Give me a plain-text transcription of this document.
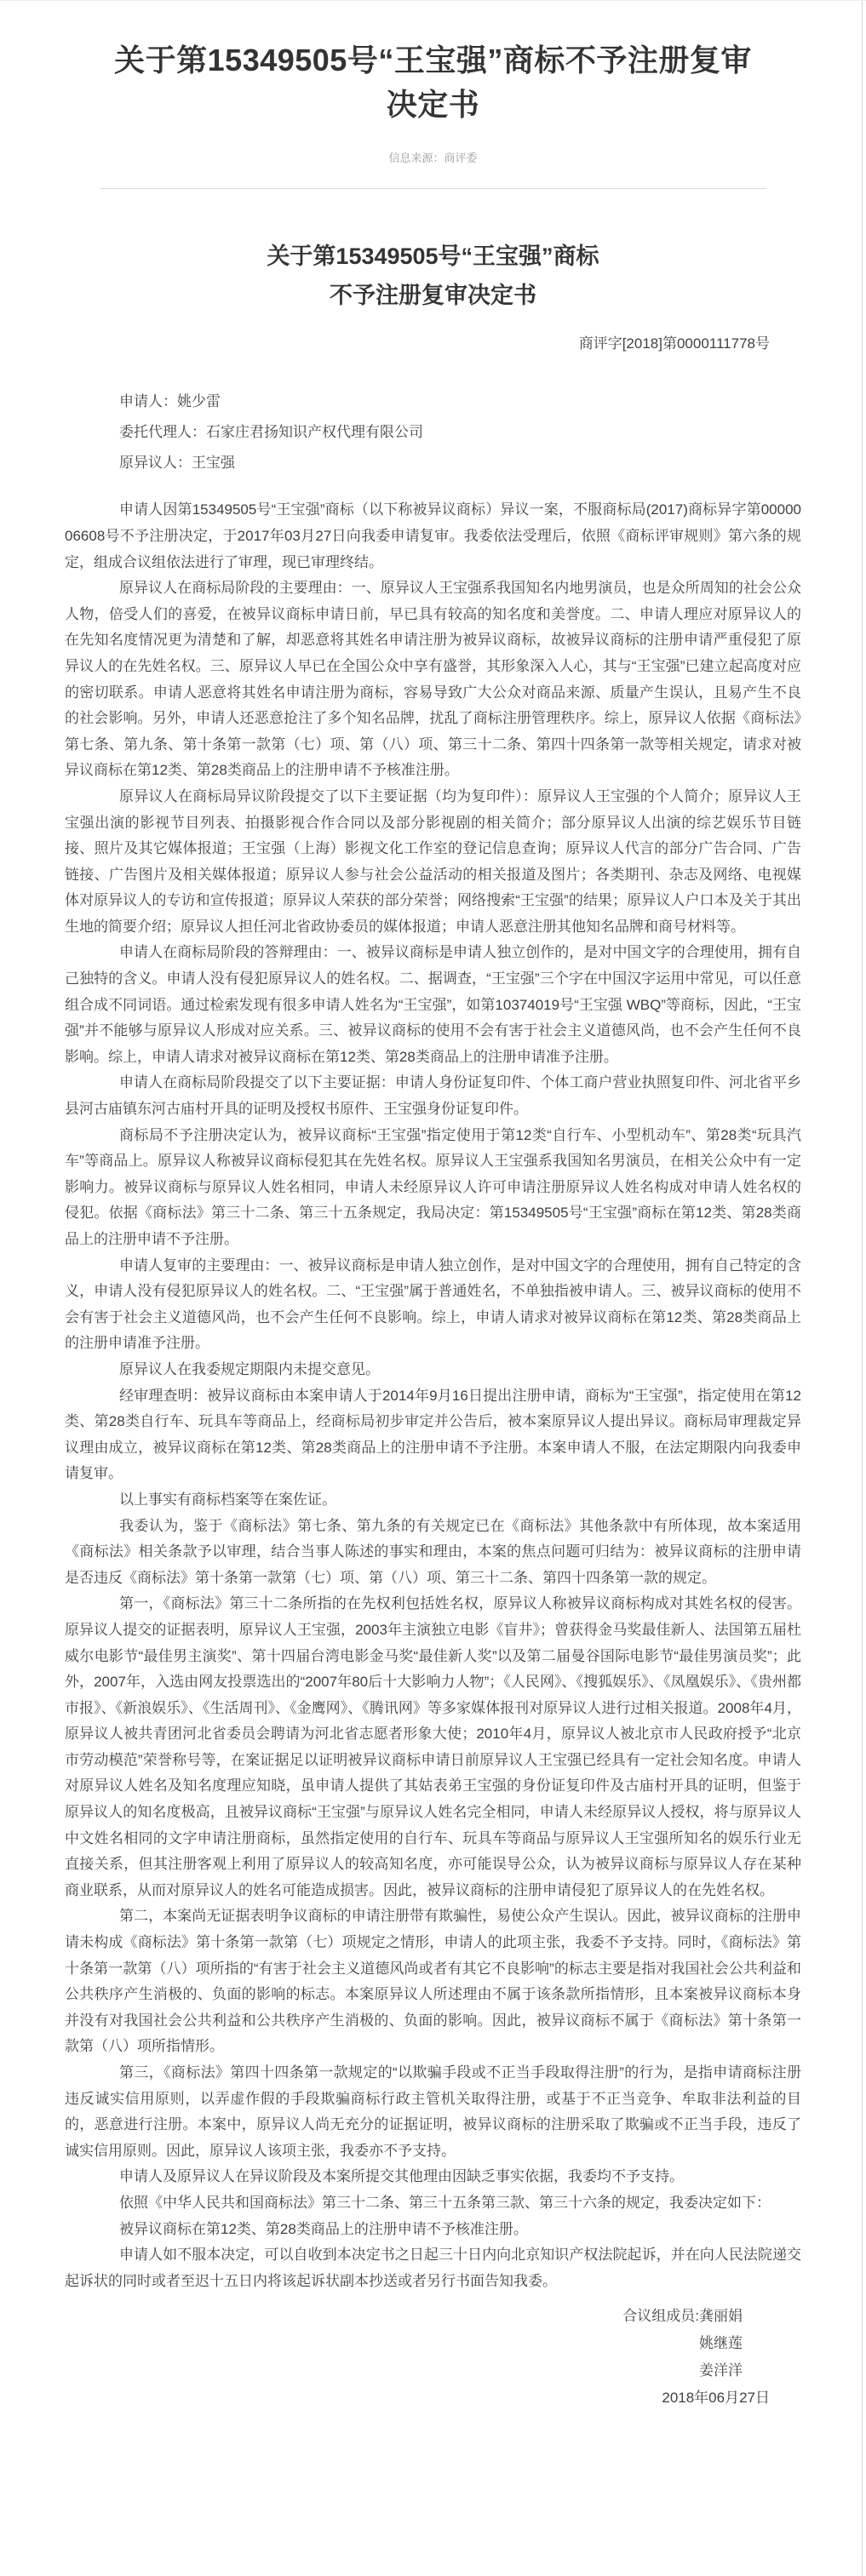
关于第15349505号“王宝强”商标不予注册复审决定书
信息来源：商评委
关于第15349505号“王宝强”商标
不予注册复审决定书
商评字[2018]第0000111778号
申请人：姚少雷
委托代理人：石家庄君扬知识产权代理有限公司
原异议人：王宝强

申请人因第15349505号“王宝强”商标（以下称被异议商标）异议一案，不服商标局(2017)商标异字第0000006608号不予注册决定，于2017年03月27日向我委申请复审。我委依法受理后，依照《商标评审规则》第六条的规定，组成合议组依法进行了审理，现已审理终结。

原异议人在商标局阶段的主要理由：一、原异议人王宝强系我国知名内地男演员，也是众所周知的社会公众人物，倍受人们的喜爱，在被异议商标申请日前，早已具有较高的知名度和美誉度。二、申请人理应对原异议人的在先知名度情况更为清楚和了解，却恶意将其姓名申请注册为被异议商标，故被异议商标的注册申请严重侵犯了原异议人的在先姓名权。三、原异议人早已在全国公众中享有盛誉，其形象深入人心，其与“王宝强”已建立起高度对应的密切联系。申请人恶意将其姓名申请注册为商标，容易导致广大公众对商品来源、质量产生误认，且易产生不良的社会影响。另外，申请人还恶意抢注了多个知名品牌，扰乱了商标注册管理秩序。综上，原异议人依据《商标法》第七条、第九条、第十条第一款第（七）项、第（八）项、第三十二条、第四十四条第一款等相关规定，请求对被异议商标在第12类、第28类商品上的注册申请不予核准注册。

原异议人在商标局异议阶段提交了以下主要证据（均为复印件）：原异议人王宝强的个人简介；原异议人王宝强出演的影视节目列表、拍摄影视合作合同以及部分影视剧的相关简介；部分原异议人出演的综艺娱乐节目链接、照片及其它媒体报道；王宝强（上海）影视文化工作室的登记信息查询；原异议人代言的部分广告合同、广告链接、广告图片及相关媒体报道；原异议人参与社会公益活动的相关报道及图片；各类期刊、杂志及网络、电视媒体对原异议人的专访和宣传报道；原异议人荣获的部分荣誉；网络搜索“王宝强”的结果；原异议人户口本及关于其出生地的简要介绍；原异议人担任河北省政协委员的媒体报道；申请人恶意注册其他知名品牌和商号材料等。

申请人在商标局阶段的答辩理由：一、被异议商标是申请人独立创作的，是对中国文字的合理使用，拥有自己独特的含义。申请人没有侵犯原异议人的姓名权。二、据调查，“王宝强”三个字在中国汉字运用中常见，可以任意组合成不同词语。通过检索发现有很多申请人姓名为“王宝强”，如第10374019号“王宝强 WBQ”等商标，因此，“王宝强”并不能够与原异议人形成对应关系。三、被异议商标的使用不会有害于社会主义道德风尚，也不会产生任何不良影响。综上，申请人请求对被异议商标在第12类、第28类商品上的注册申请准予注册。

申请人在商标局阶段提交了以下主要证据：申请人身份证复印件、个体工商户营业执照复印件、河北省平乡县河古庙镇东河古庙村开具的证明及授权书原件、王宝强身份证复印件。

商标局不予注册决定认为，被异议商标“王宝强”指定使用于第12类“自行车、小型机动车”、第28类“玩具汽车”等商品上。原异议人称被异议商标侵犯其在先姓名权。原异议人王宝强系我国知名男演员，在相关公众中有一定影响力。被异议商标与原异议人姓名相同，申请人未经原异议人许可申请注册原异议人姓名构成对申请人姓名权的侵犯。依据《商标法》第三十二条、第三十五条规定，我局决定：第15349505号“王宝强”商标在第12类、第28类商品上的注册申请不予注册。

申请人复审的主要理由：一、被异议商标是申请人独立创作，是对中国文字的合理使用，拥有自己特定的含义，申请人没有侵犯原异议人的姓名权。二、“王宝强”属于普通姓名，不单独指被申请人。三、被异议商标的使用不会有害于社会主义道德风尚，也不会产生任何不良影响。综上，申请人请求对被异议商标在第12类、第28类商品上的注册申请准予注册。

原异议人在我委规定期限内未提交意见。

经审理查明：被异议商标由本案申请人于2014年9月16日提出注册申请，商标为“王宝强”，指定使用在第12类、第28类自行车、玩具车等商品上，经商标局初步审定并公告后，被本案原异议人提出异议。商标局审理裁定异议理由成立，被异议商标在第12类、第28类商品上的注册申请不予注册。本案申请人不服，在法定期限内向我委申请复审。

以上事实有商标档案等在案佐证。

我委认为，鉴于《商标法》第七条、第九条的有关规定已在《商标法》其他条款中有所体现，故本案适用《商标法》相关条款予以审理，结合当事人陈述的事实和理由，本案的焦点问题可归结为：被异议商标的注册申请是否违反《商标法》第十条第一款第（七）项、第（八）项、第三十二条、第四十四条第一款的规定。

第一，《商标法》第三十二条所指的在先权利包括姓名权，原异议人称被异议商标构成对其姓名权的侵害。原异议人提交的证据表明，原异议人王宝强，2003年主演独立电影《盲井》；曾获得金马奖最佳新人、法国第五届杜威尔电影节“最佳男主演奖”、第十四届台湾电影金马奖“最佳新人奖”以及第二届曼谷国际电影节“最佳男演员奖”；此外，2007年，入选由网友投票选出的“2007年80后十大影响力人物”；《人民网》、《搜狐娱乐》、《凤凰娱乐》、《贵州都市报》、《新浪娱乐》、《生活周刊》、《金鹰网》、《腾讯网》等多家媒体报刊对原异议人进行过相关报道。2008年4月，原异议人被共青团河北省委员会聘请为河北省志愿者形象大使；2010年4月，原异议人被北京市人民政府授予“北京市劳动模范”荣誉称号等，在案证据足以证明被异议商标申请日前原异议人王宝强已经具有一定社会知名度。申请人对原异议人姓名及知名度理应知晓，虽申请人提供了其姑表弟王宝强的身份证复印件及古庙村开具的证明，但鉴于原异议人的知名度极高，且被异议商标“王宝强”与原异议人姓名完全相同，申请人未经原异议人授权，将与原异议人中文姓名相同的文字申请注册商标，虽然指定使用的自行车、玩具车等商品与原异议人王宝强所知名的娱乐行业无直接关系，但其注册客观上利用了原异议人的较高知名度，亦可能误导公众，认为被异议商标与原异议人存在某种商业联系，从而对原异议人的姓名可能造成损害。因此，被异议商标的注册申请侵犯了原异议人的在先姓名权。

第二，本案尚无证据表明争议商标的申请注册带有欺骗性，易使公众产生误认。因此，被异议商标的注册申请未构成《商标法》第十条第一款第（七）项规定之情形，申请人的此项主张，我委不予支持。同时，《商标法》第十条第一款第（八）项所指的“有害于社会主义道德风尚或者有其它不良影响”的标志主要是指对我国社会公共利益和公共秩序产生消极的、负面的影响的标志。本案原异议人所述理由不属于该条款所指情形，且本案被异议商标本身并没有对我国社会公共利益和公共秩序产生消极的、负面的影响。因此，被异议商标不属于《商标法》第十条第一款第（八）项所指情形。

第三，《商标法》第四十四条第一款规定的“以欺骗手段或不正当手段取得注册”的行为，是指申请商标注册违反诚实信用原则，以弄虚作假的手段欺骗商标行政主管机关取得注册，或基于不正当竞争、牟取非法利益的目的，恶意进行注册。本案中，原异议人尚无充分的证据证明，被异议商标的注册采取了欺骗或不正当手段，违反了诚实信用原则。因此，原异议人该项主张，我委亦不予支持。

申请人及原异议人在异议阶段及本案所提交其他理由因缺乏事实依据，我委均不予支持。

依照《中华人民共和国商标法》第三十二条、第三十五条第三款、第三十六条的规定，我委决定如下：

被异议商标在第12类、第28类商品上的注册申请不予核准注册。

申请人如不服本决定，可以自收到本决定书之日起三十日内向北京知识产权法院起诉，并在向人民法院递交起诉状的同时或者至迟十五日内将该起诉状副本抄送或者另行书面告知我委。

合议组成员:龚丽娟
姚继莲
姜洋洋
2018年06月27日
